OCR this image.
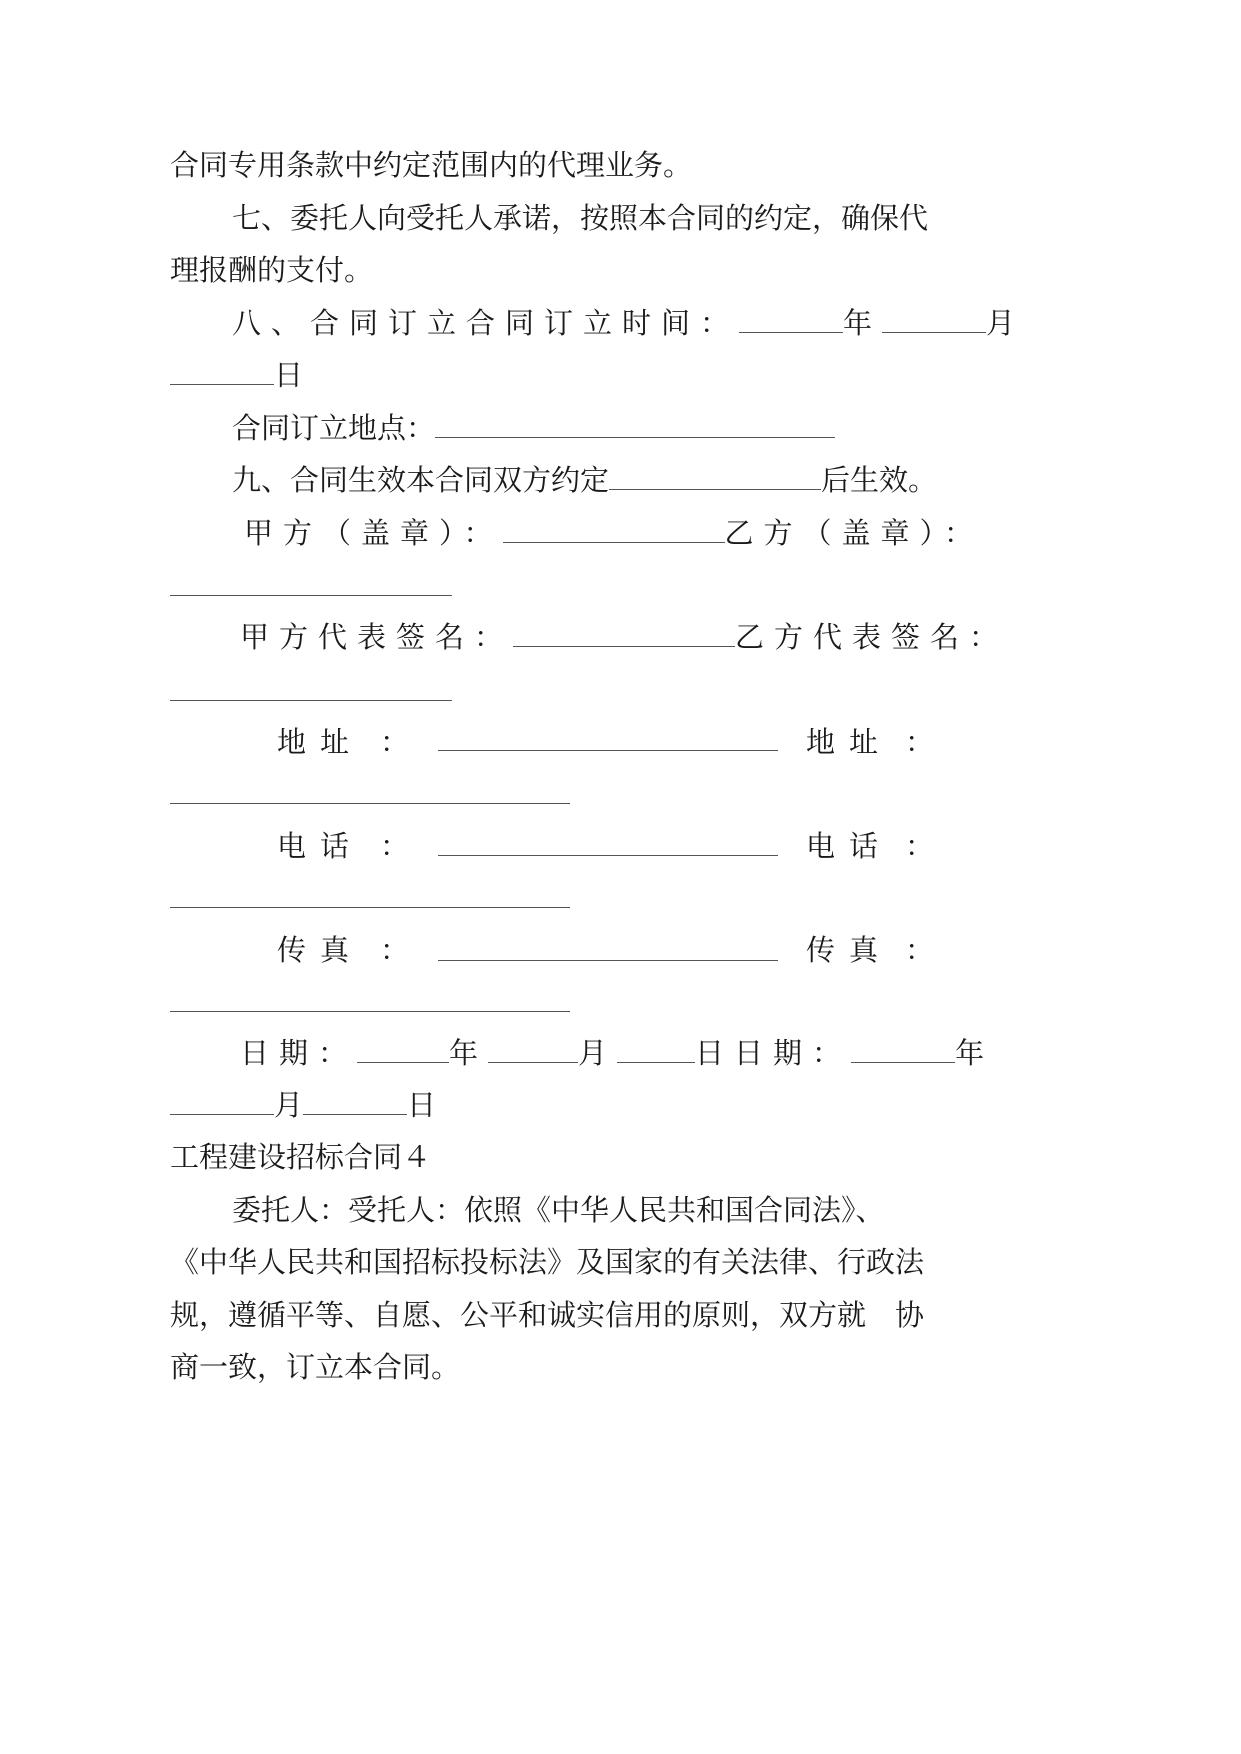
合同专用条款中约定范围内的代理业务。
七、委托人向受托人承诺，按照本合同的约定，确保代
理报酬的支付。
八、合同订立合同订立时间：	年	月
日
合同订立地点：
九、合同生效本合同双方约定	后生效。
甲方（盖章）：	乙方（盖章）：
甲方代表签名：	乙方代表签名：
地址 ：	地址 ：
电话 ：	电话 ：
传真 ：	传真 ：
日期：	年	月	日日期：	年
月	日
工程建设招标合同４
委托人：受托人：依照《中华人民共和国合同法》、
《中华人民共和国招标投标法》及国家的有关法律、行政法
规，遵循平等、自愿、公平和诚实信用的原则，双方就　协
商一致，订立本合同。
